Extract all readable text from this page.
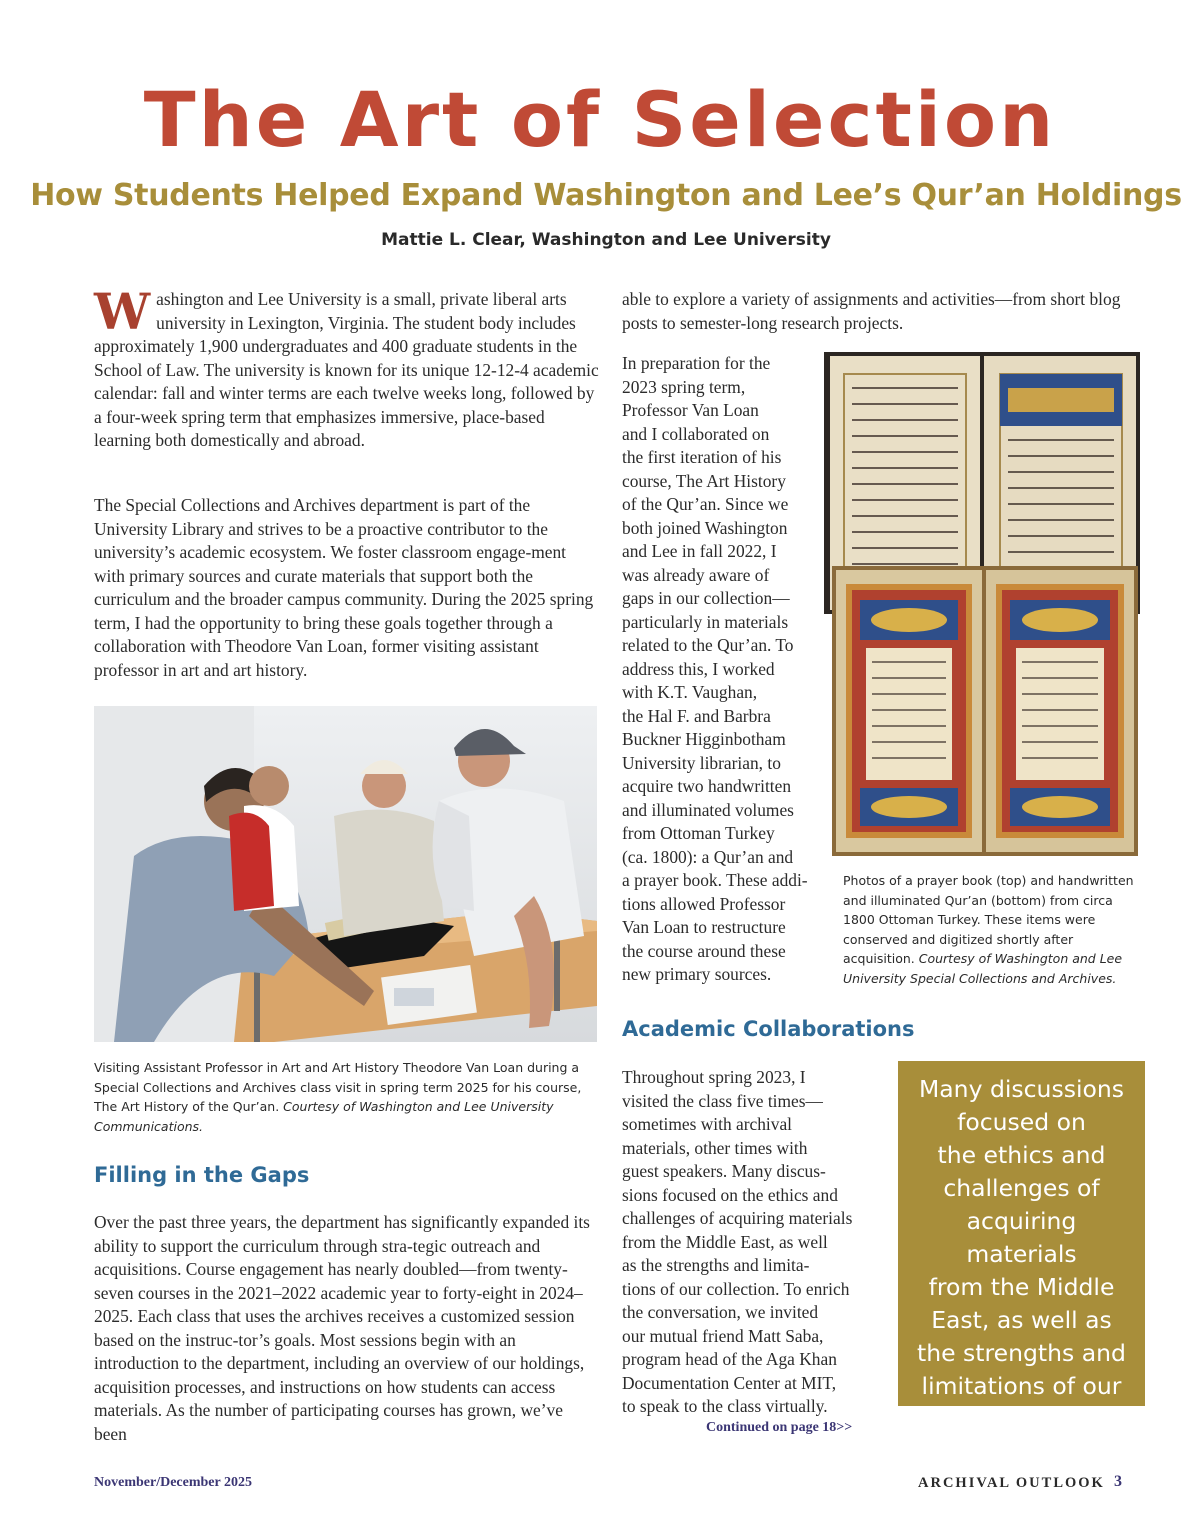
The Art of Selection
How Students Helped Expand Washington and Lee’s Qur’an Holdings
Mattie L. Clear, Washington and Lee University
Washington and Lee University is a small, private liberal arts university in Lexington, Virginia. The student body includes approximately 1,900 undergraduates and 400 graduate students in the School of Law. The university is known for its unique 12-12-4 academic calendar: fall and winter terms are each twelve weeks long, followed by a four-week spring term that emphasizes immersive, place-based learning both domestically and abroad.
The Special Collections and Archives department is part of the University Library and strives to be a proactive contributor to the university’s academic ecosystem. We foster classroom engage-ment with primary sources and curate materials that support both the curriculum and the broader campus community. During the 2025 spring term, I had the opportunity to bring these goals together through a collaboration with Theodore Van Loan, former visiting assistant professor in art and art history.
Visiting Assistant Professor in Art and Art History Theodore Van Loan during a Special Collections and Archives class visit in spring term 2025 for his course, The Art History of the Qur’an. Courtesy of Washington and Lee University Communications.
Filling in the Gaps
Over the past three years, the department has significantly expanded its ability to support the curriculum through stra-tegic outreach and acquisitions. Course engagement has nearly doubled—from twenty-seven courses in the 2021–2022 academic year to forty-eight in 2024–2025. Each class that uses the archives receives a customized session based on the instruc-tor’s goals. Most sessions begin with an introduction to the department, including an overview of our holdings, acquisition processes, and instructions on how students can access materials. As the number of participating courses has grown, we’ve been
able to explore a variety of assignments and activities—from short blog posts to semester-long research projects.
In preparation for the
2023 spring term,
Professor Van Loan
and I collaborated on
the first iteration of his
course, The Art History
of the Qur’an. Since we
both joined Washington
and Lee in fall 2022, I
was already aware of
gaps in our collection—
particularly in materials
related to the Qur’an. To
address this, I worked
with K.T. Vaughan,
the Hal F. and Barbra
Buckner Higginbotham
University librarian, to
acquire two handwritten
and illuminated volumes
from Ottoman Turkey
(ca. 1800): a Qur’an and
a prayer book. These addi-
tions allowed Professor
Van Loan to restructure
the course around these
new primary sources.
Photos of a prayer book (top) and handwritten and illuminated Qur’an (bottom) from circa 1800 Ottoman Turkey. These items were conserved and digitized shortly after acquisition. Courtesy of Washington and Lee University Special Collections and Archives.
Academic Collaborations
Throughout spring 2023, I
visited the class five times—
sometimes with archival
materials, other times with
guest speakers. Many discus-
sions focused on the ethics and
challenges of acquiring materials
from the Middle East, as well
as the strengths and limita-
tions of our collection. To enrich
the conversation, we invited
our mutual friend Matt Saba,
program head of the Aga Khan
Documentation Center at MIT,
to speak to the class virtually.
Many discussions
focused on
the ethics and
challenges of
acquiring materials
from the Middle
East, as well as
the strengths and
limitations of our
collection.
Continued on page 18>>
November/December 2025	ARCHIVAL OUTLOOK 3
